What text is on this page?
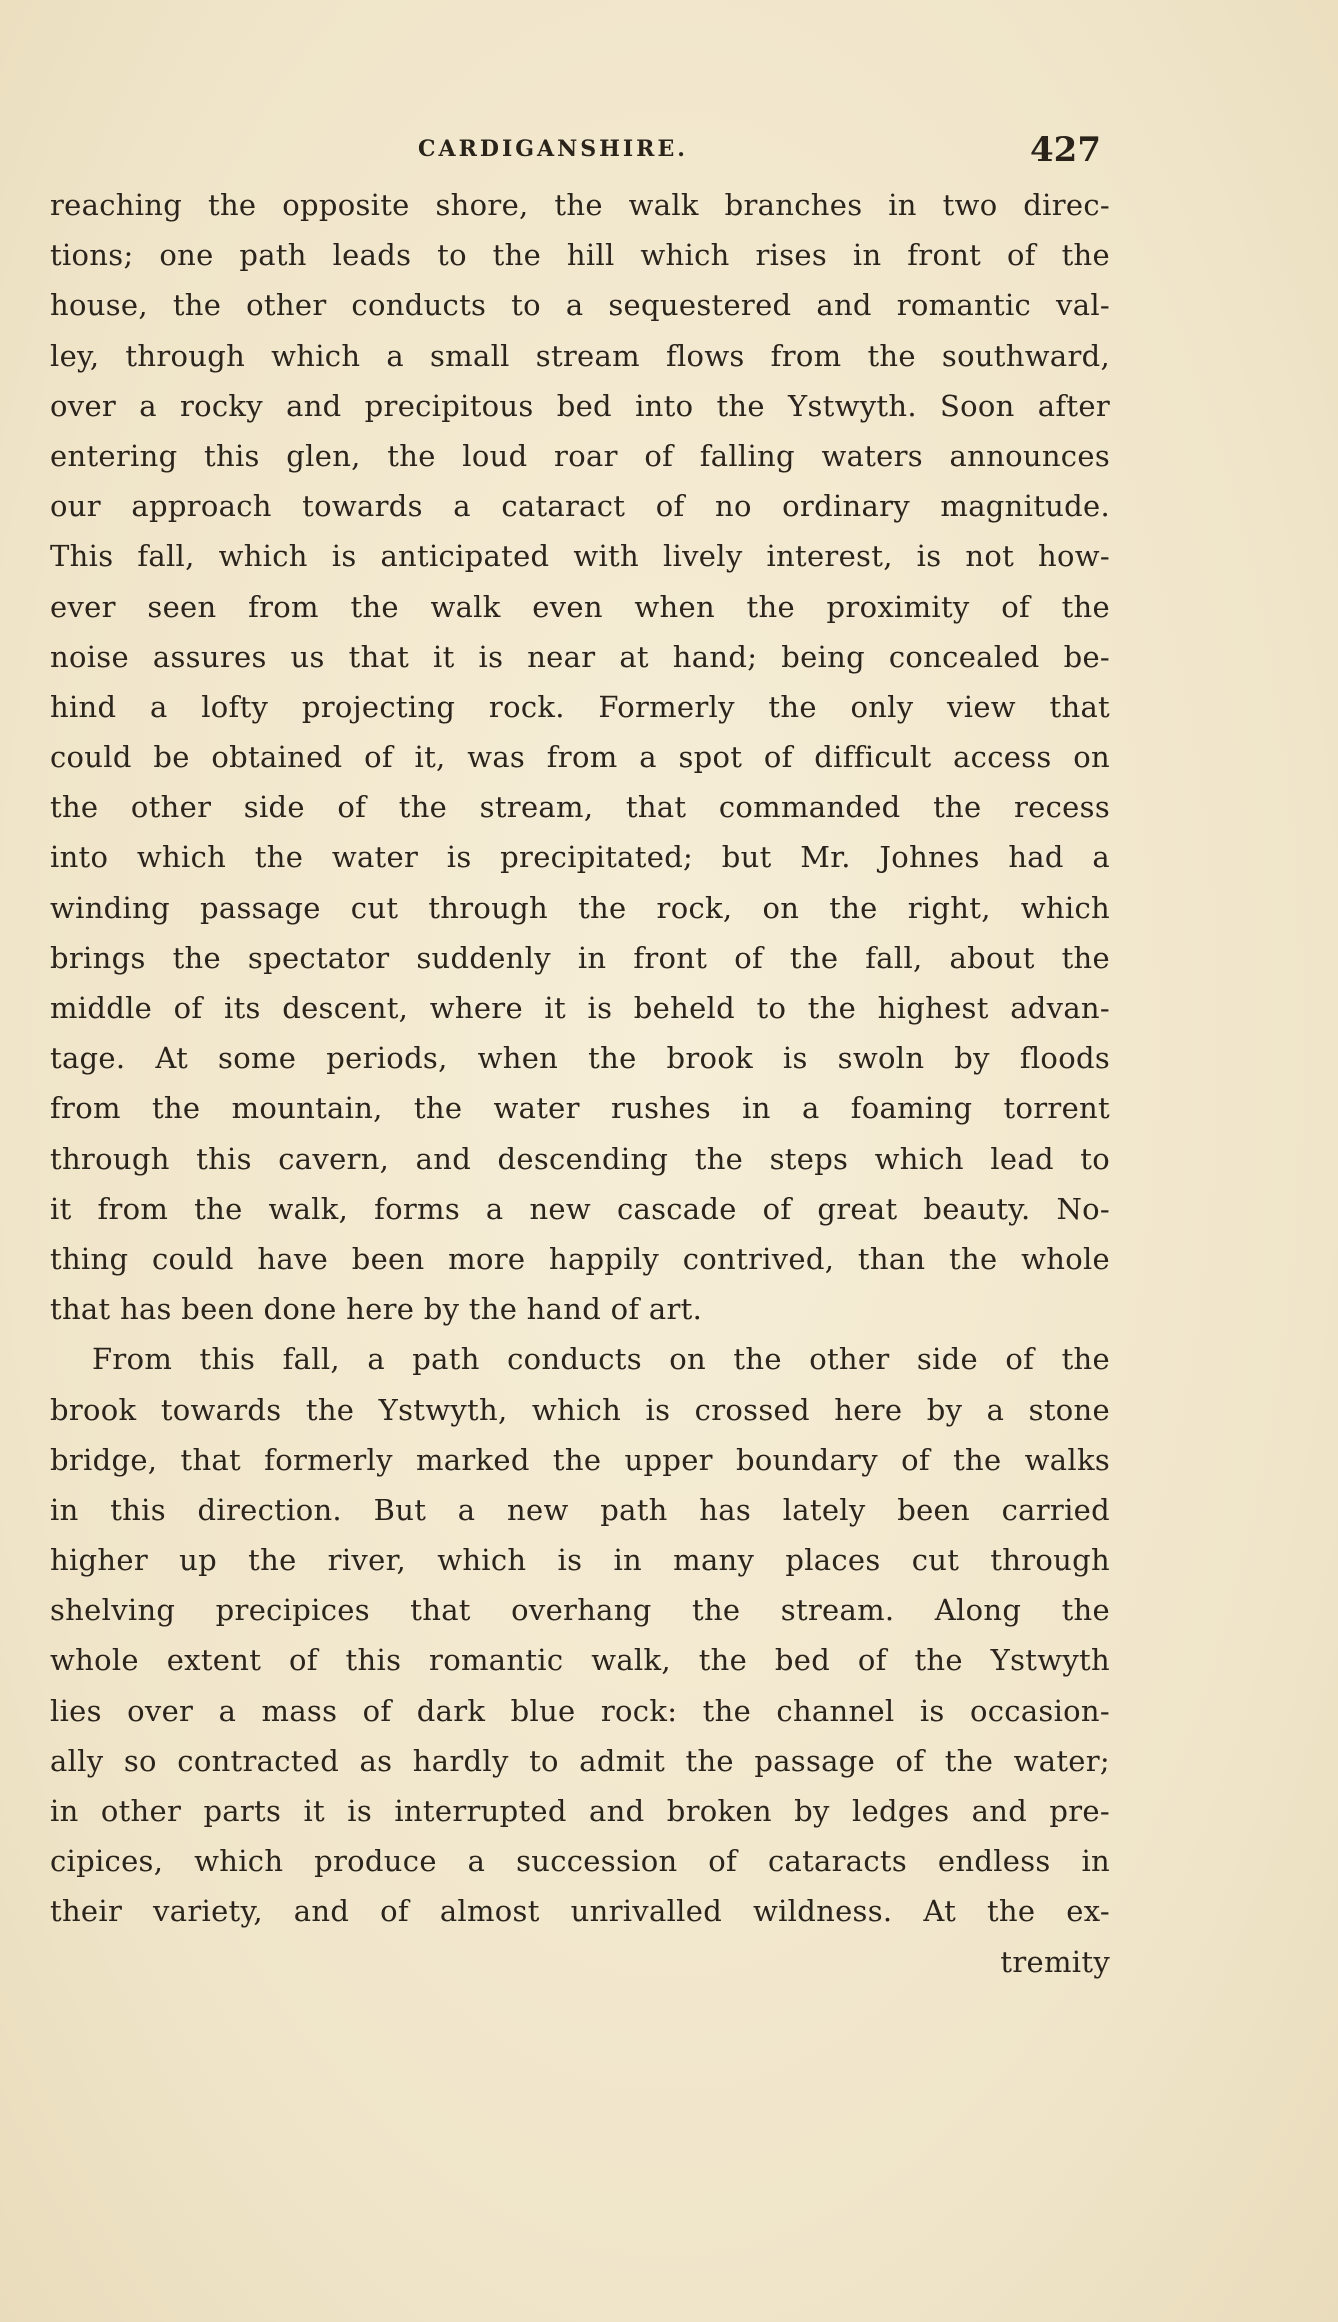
CARDIGANSHIRE.	427
reaching the opposite shore, the walk branches in two direc-
tions; one path leads to the hill which rises in front of the
house, the other conducts to a sequestered and romantic val-
ley, through which a small stream flows from the southward,
over a rocky and precipitous bed into the Ystwyth. Soon after
entering this glen, the loud roar of falling waters announces
our approach towards a cataract of no ordinary magnitude.
This fall, which is anticipated with lively interest, is not how-
ever seen from the walk even when the proximity of the
noise assures us that it is near at hand; being concealed be-
hind a lofty projecting rock. Formerly the only view that
could be obtained of it, was from a spot of difficult access on
the other side of the stream, that commanded the recess
into which the water is precipitated; but Mr. Johnes had a
winding passage cut through the rock, on the right, which
brings the spectator suddenly in front of the fall, about the
middle of its descent, where it is beheld to the highest advan-
tage. At some periods, when the brook is swoln by floods
from the mountain, the water rushes in a foaming torrent
through this cavern, and descending the steps which lead to
it from the walk, forms a new cascade of great beauty. No-
thing could have been more happily contrived, than the whole
that has been done here by the hand of art.
From this fall, a path conducts on the other side of the
brook towards the Ystwyth, which is crossed here by a stone
bridge, that formerly marked the upper boundary of the walks
in this direction. But a new path has lately been carried
higher up the river, which is in many places cut through
shelving precipices that overhang the stream. Along the
whole extent of this romantic walk, the bed of the Ystwyth
lies over a mass of dark blue rock: the channel is occasion-
ally so contracted as hardly to admit the passage of the water;
in other parts it is interrupted and broken by ledges and pre-
cipices, which produce a succession of cataracts endless in
their variety, and of almost unrivalled wildness. At the ex-
tremity
